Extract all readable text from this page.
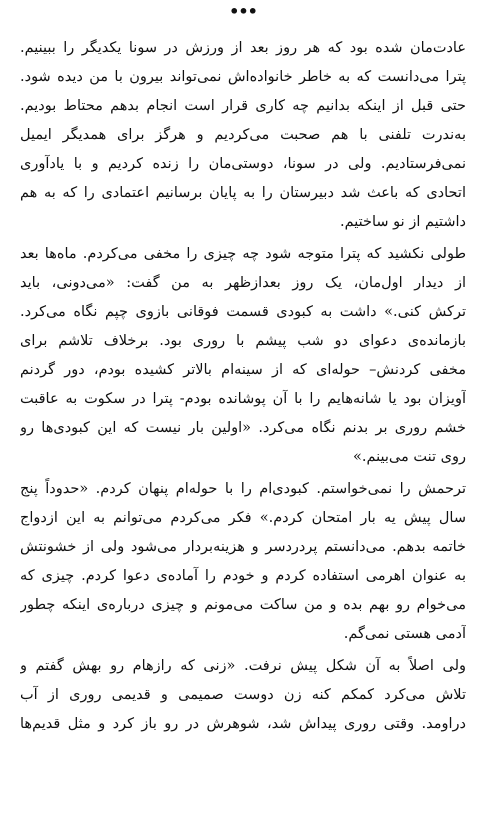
•••
عادت‌مان شده بود که هر روز بعد از ورزش در سونا یکدیگر را ببینیم.
پترا می‌دانست که به خاطر خانواده‌اش نمی‌تواند بیرون با من دیده شود.
حتی قبل از اینکه بدانیم چه کاری قرار است انجام بدهم محتاط بودیم.
به‌ندرت تلفنی با هم صحبت می‌کردیم و هرگز برای همدیگر ایمیل
نمی‌فرستادیم. ولی در سونا، دوستی‌مان را زنده کردیم و با یادآوری
اتحادی که باعث شد دبیرستان را به پایان برسانیم اعتمادی را که به هم
داشتیم از نو ساختیم.
طولی نکشید که پترا متوجه شود چه چیزی را مخفی می‌کردم. ماه‌ها بعد
از دیدار اول‌مان، یک روز بعدازظهر به من گفت: «می‌دونی، باید
ترکش کنی.» داشت به کبودی قسمت فوقانی بازوی چپم نگاه می‌کرد.
بازمانده‌ی دعوای دو شب پیشم با روری بود. برخلاف تلاشم برای
مخفی کردنش– حوله‌ای که از سینه‌ام بالاتر کشیده بودم، دور گردنم
آویزان بود یا شانه‌هایم را با آن پوشانده بودم- پترا در سکوت به عاقبت
خشم روری بر بدنم نگاه می‌کرد. «اولین بار نیست که این کبودی‌ها رو
روی تنت می‌بینم.»
ترحمش را نمی‌خواستم. کبودی‌ام را با حوله‌ام پنهان کردم. «حدوداً پنج
سال پیش یه بار امتحان کردم.» فکر می‌کردم می‌توانم به این ازدواج
خاتمه بدهم. می‌دانستم پردردسر و هزینه‌بردار می‌شود ولی از خشونتش
به عنوان اهرمی استفاده کردم و خودم را آماده‌ی دعوا کردم. چیزی که
می‌خوام رو بهم بده و من ساکت می‌مونم و چیزی درباره‌ی اینکه چطور
آدمی هستی نمی‌گم.
ولی اصلاً به آن شکل پیش نرفت. «زنی که رازهام رو بهش گفتم و
تلاش می‌کرد کمکم کنه زن دوست صمیمی و قدیمی روری از آب
دراومد. وقتی روری پیداش شد، شوهرش در رو باز کرد و مثل قدیم‌ها
